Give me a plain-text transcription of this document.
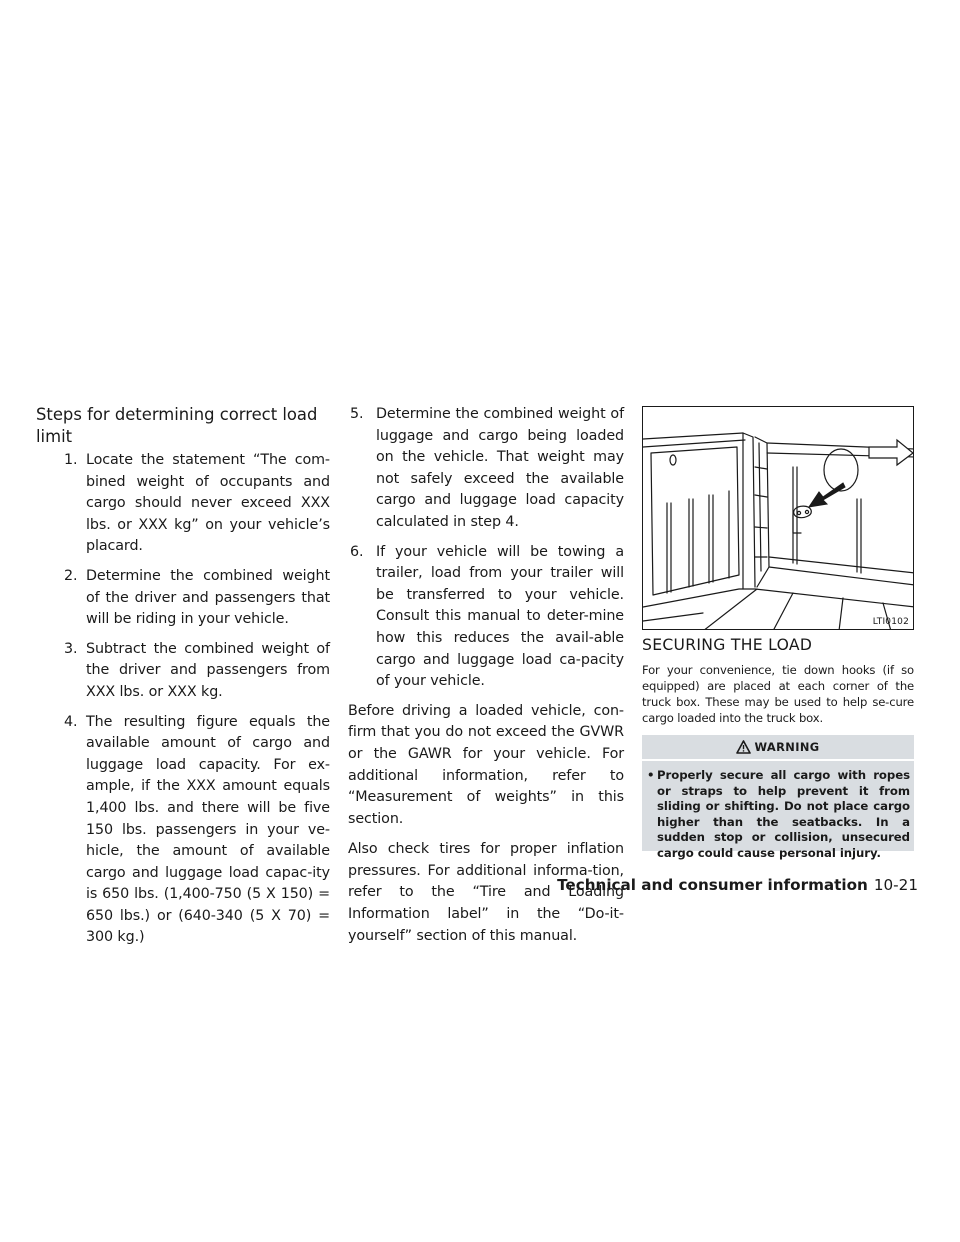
Steps for determining correct load limit
1. Locate the statement “The com-bined weight of occupants and cargo should never exceed XXX lbs. or XXX kg” on your vehicle’s placard.
2. Determine the combined weight of the driver and passengers that will be riding in your vehicle.
3. Subtract the combined weight of the driver and passengers from XXX lbs. or XXX kg.
4. The resulting figure equals the available amount of cargo and luggage load capacity. For ex-ample, if the XXX amount equals 1,400 lbs. and there will be five 150 lbs. passengers in your ve-hicle, the amount of available cargo and luggage load capac-ity is 650 lbs. (1,400-750 (5 X 150) = 650 lbs.) or (640-340 (5 X 70) = 300 kg.)
5. Determine the combined weight of luggage and cargo being loaded on the vehicle. That weight may not safely exceed the available cargo and luggage load capacity calculated in step 4.
6. If your vehicle will be towing a trailer, load from your trailer will be transferred to your vehicle. Consult this manual to deter-mine how this reduces the avail-able cargo and luggage load ca-pacity of your vehicle.

Before driving a loaded vehicle, con-firm that you do not exceed the GVWR or the GAWR for your vehicle. For additional information, refer to “Measurement of weights” in this section.

Also check tires for proper inflation pressures. For additional informa-tion, refer to the “Tire and Loading Information label” in the “Do-it-yourself” section of this manual.

LTI0102
SECURING THE LOAD

For your convenience, tie down hooks (if so equipped) are placed at each corner of the truck box. These may be used to help se-cure cargo loaded into the truck box.

WARNING
• Properly secure all cargo with ropes or straps to help prevent it from sliding or shifting. Do not place cargo higher than the seatbacks. In a sudden stop or collision, unsecured cargo could cause personal injury.
Technical and consumer information 10-21
